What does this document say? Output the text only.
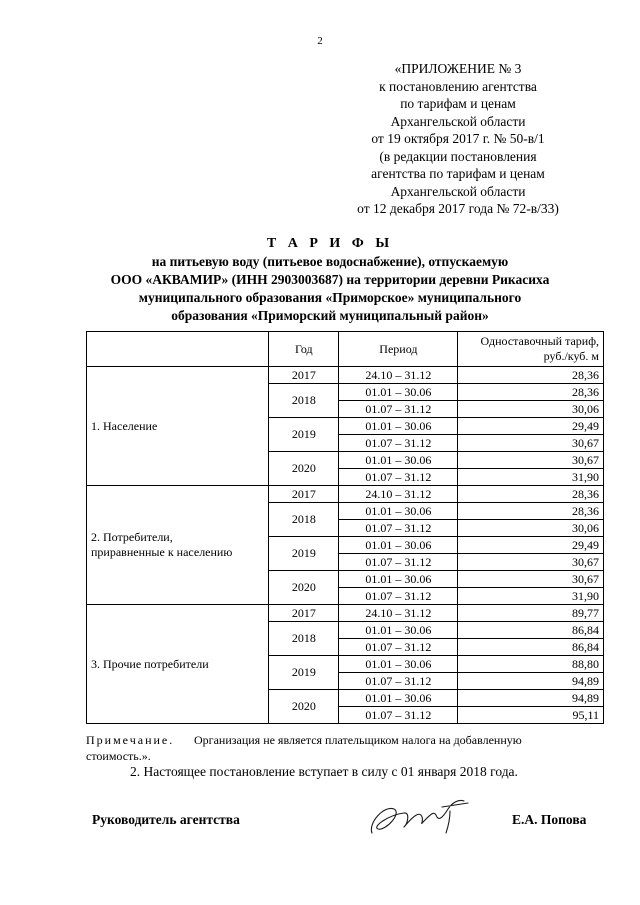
2
«ПРИЛОЖЕНИЕ № 3
к постановлению агентства
по тарифам и ценам
Архангельской области
от 19 октября 2017 г. № 50-в/1
(в редакции постановления
агентства по тарифам и ценам
Архангельской области
от 12 декабря 2017 года № 72-в/33)
Т А Р И Ф Ы
на питьевую воду (питьевое водоснабжение), отпускаемую
ООО «АКВАМИР» (ИНН 2903003687) на территории деревни Рикасиха
муниципального образования «Приморское» муниципального
образования «Приморский муниципальный район»
	Год	Период	Одноставочный тариф,
руб./куб. м

1. Население	2017	24.10 – 31.12	28,36
	2018	01.01 – 30.06	28,36
		01.07 – 31.12	30,06
	2019	01.01 – 30.06	29,49
		01.07 – 31.12	30,67
	2020	01.01 – 30.06	30,67
		01.07 – 31.12	31,90

2. Потребители,
приравненные к населению	2017	24.10 – 31.12	28,36
	2018	01.01 – 30.06	28,36
		01.07 – 31.12	30,06
	2019	01.01 – 30.06	29,49
		01.07 – 31.12	30,67
	2020	01.01 – 30.06	30,67
		01.07 – 31.12	31,90

3. Прочие потребители	2017	24.10 – 31.12	89,77
	2018	01.01 – 30.06	86,84
		01.07 – 31.12	86,84
	2019	01.01 – 30.06	88,80
		01.07 – 31.12	94,89
	2020	01.01 – 30.06	94,89
		01.07 – 31.12	95,11
Примечание. Организация не является плательщиком налога на добавленную
стоимость.».
2. Настоящее постановление вступает в силу с 01 января 2018 года.
Руководитель агентства	Е.А. Попова
